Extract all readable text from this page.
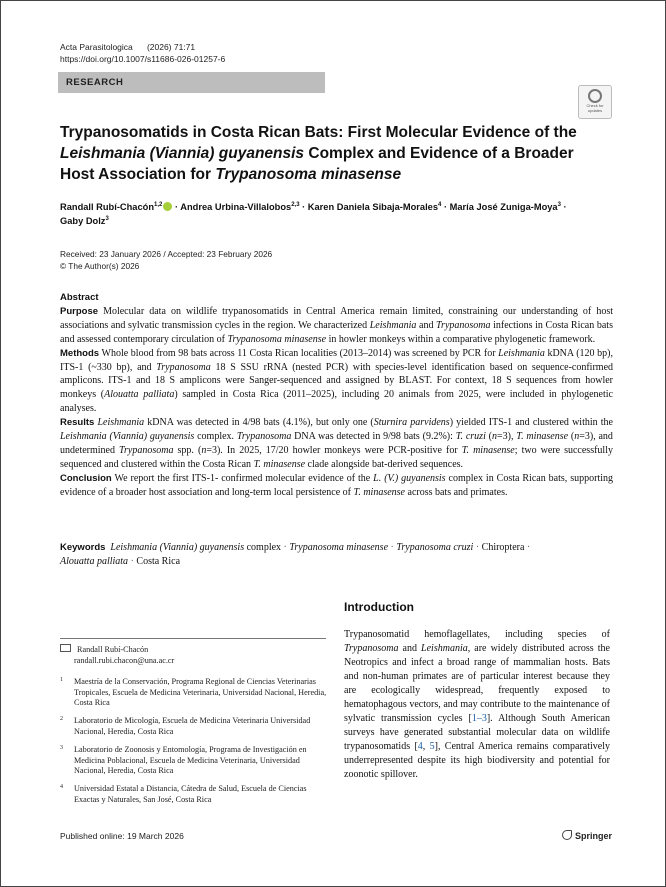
Acta Parasitologica (2026) 71:71
https://doi.org/10.1007/s11686-026-01257-6
RESEARCH
Check for
updates
Trypanosomatids in Costa Rican Bats: First Molecular Evidence of the Leishmania (Viannia) guyanensis Complex and Evidence of a Broader Host Association for Trypanosoma minasense
Randall Rubí-Chacón$^{1,2}$ · Andrea Urbina-Villalobos$^{2,3}$ · Karen Daniela Sibaja-Morales$^4$ · María José Zuniga-Moya$^3$ ·
Gaby Dolz$^3$
Received: 23 January 2026 / Accepted: 23 February 2026
© The Author(s) 2026
Abstract

Purpose Molecular data on wildlife trypanosomatids in Central America remain limited, constraining our understanding of host associations and sylvatic transmission cycles in the region. We characterized Leishmania and Trypanosoma infections in Costa Rican bats and assessed contemporary circulation of Trypanosoma minasense in howler monkeys within a comparative phylogenetic framework.

Methods Whole blood from 98 bats across 11 Costa Rican localities (2013–2014) was screened by PCR for Leishmania kDNA (120 bp), ITS-1 (~330 bp), and Trypanosoma 18 S SSU rRNA (nested PCR) with species-level identification based on sequence-confirmed amplicons. ITS-1 and 18 S amplicons were Sanger-sequenced and assigned by BLAST. For context, 18 S sequences from howler monkeys (Alouatta palliata) sampled in Costa Rica (2011–2025), including 20 animals from 2025, were included in phylogenetic analyses.

Results Leishmania kDNA was detected in 4/98 bats (4.1%), but only one (Sturnira parvidens) yielded ITS-1 and clustered within the Leishmania (Viannia) guyanensis complex. Trypanosoma DNA was detected in 9/98 bats (9.2%): T. cruzi (n=3), T. minasense (n=3), and undetermined Trypanosoma spp. (n=3). In 2025, 17/20 howler monkeys were PCR-positive for T. minasense; two were successfully sequenced and clustered within the Costa Rican T. minasense clade alongside bat-derived sequences.

Conclusion We report the first ITS-1- confirmed molecular evidence of the L. (V.) guyanensis complex in Costa Rican bats, supporting evidence of a broader host association and long-term local persistence of T. minasense across bats and primates.

Keywords Leishmania (Viannia) guyanensis complex · Trypanosoma minasense · Trypanosoma cruzi · Chiroptera ·
Alouatta palliata · Costa Rica
Randall Rubí-Chacón
randall.rubi.chacon@una.ac.cr
1 Maestría de la Conservación, Programa Regional de Ciencias Veterinarias Tropicales, Escuela de Medicina Veterinaria, Universidad Nacional, Heredia, Costa Rica
2 Laboratorio de Micología, Escuela de Medicina Veterinaria Universidad Nacional, Heredia, Costa Rica
3 Laboratorio de Zoonosis y Entomología, Programa de Investigación en Medicina Poblacional, Escuela de Medicina Veterinaria, Universidad Nacional, Heredia, Costa Rica
4 Universidad Estatal a Distancia, Cátedra de Salud, Escuela de Ciencias Exactas y Naturales, San José, Costa Rica
Introduction

Trypanosomatid hemoflagellates, including species of Trypanosoma and Leishmania, are widely distributed across the Neotropics and infect a broad range of mammalian hosts. Bats and non-human primates are of particular interest because they are ecologically widespread, frequently exposed to hematophagous vectors, and may contribute to the maintenance of sylvatic transmission cycles [1–3]. Although South American surveys have generated substantial molecular data on wildlife trypanosomatids [4, 5], Central America remains comparatively underrepresented despite its high biodiversity and potential for zoonotic spillover.

Published online: 19 March 2026	Springer
